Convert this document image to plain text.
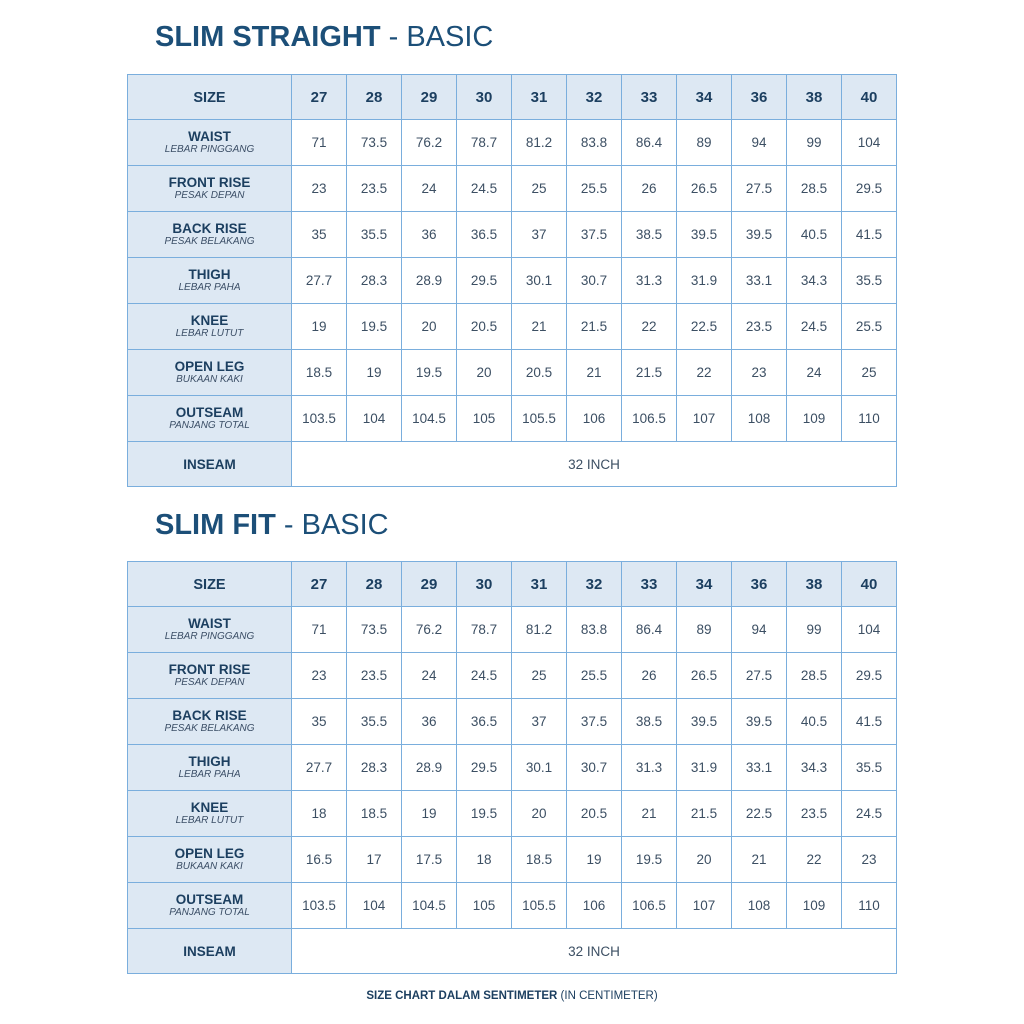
SLIM STRAIGHT - BASIC
SIZE	27	28	29	30	31	32	33	34	36	38	40

WAIST
LEBAR PINGGANG	71	73.5	76.2	78.7	81.2	83.8	86.4	89	94	99	104

FRONT RISE
PESAK DEPAN	23	23.5	24	24.5	25	25.5	26	26.5	27.5	28.5	29.5

BACK RISE
PESAK BELAKANG	35	35.5	36	36.5	37	37.5	38.5	39.5	39.5	40.5	41.5

THIGH
LEBAR PAHA	27.7	28.3	28.9	29.5	30.1	30.7	31.3	31.9	33.1	34.3	35.5

KNEE
LEBAR LUTUT	19	19.5	20	20.5	21	21.5	22	22.5	23.5	24.5	25.5

OPEN LEG
BUKAAN KAKI	18.5	19	19.5	20	20.5	21	21.5	22	23	24	25

OUTSEAM
PANJANG TOTAL	103.5	104	104.5	105	105.5	106	106.5	107	108	109	110

INSEAM	32 INCH										
SLIM FIT - BASIC
SIZE	27	28	29	30	31	32	33	34	36	38	40

WAIST
LEBAR PINGGANG	71	73.5	76.2	78.7	81.2	83.8	86.4	89	94	99	104

FRONT RISE
PESAK DEPAN	23	23.5	24	24.5	25	25.5	26	26.5	27.5	28.5	29.5

BACK RISE
PESAK BELAKANG	35	35.5	36	36.5	37	37.5	38.5	39.5	39.5	40.5	41.5

THIGH
LEBAR PAHA	27.7	28.3	28.9	29.5	30.1	30.7	31.3	31.9	33.1	34.3	35.5

KNEE
LEBAR LUTUT	18	18.5	19	19.5	20	20.5	21	21.5	22.5	23.5	24.5

OPEN LEG
BUKAAN KAKI	16.5	17	17.5	18	18.5	19	19.5	20	21	22	23

OUTSEAM
PANJANG TOTAL	103.5	104	104.5	105	105.5	106	106.5	107	108	109	110

INSEAM	32 INCH										
SIZE CHART DALAM SENTIMETER (IN CENTIMETER)
